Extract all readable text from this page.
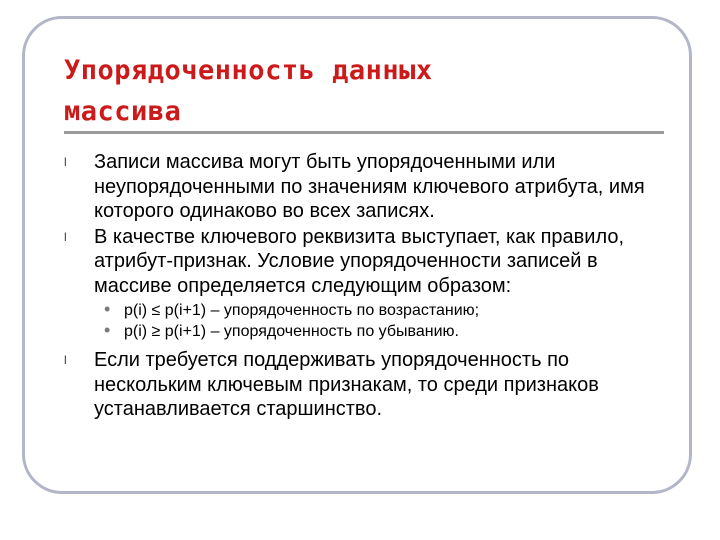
Упорядоченность данных
массива
l	Записи массива могут быть упорядоченными или неупорядоченными по значениям ключевого атрибута, имя которого одинаково во всех записях.
l	В качестве ключевого реквизита выступает, как правило, атрибут-признак. Условие упорядоченности записей в массиве определяется следующим образом:
• p(i) ≤ p(i+1) – упорядоченность по возрастанию;
• p(i) ≥ p(i+1) – упорядоченность по убыванию.
l	Если требуется поддерживать упорядоченность по нескольким ключевым признакам, то среди признаков устанавливается старшинство.
